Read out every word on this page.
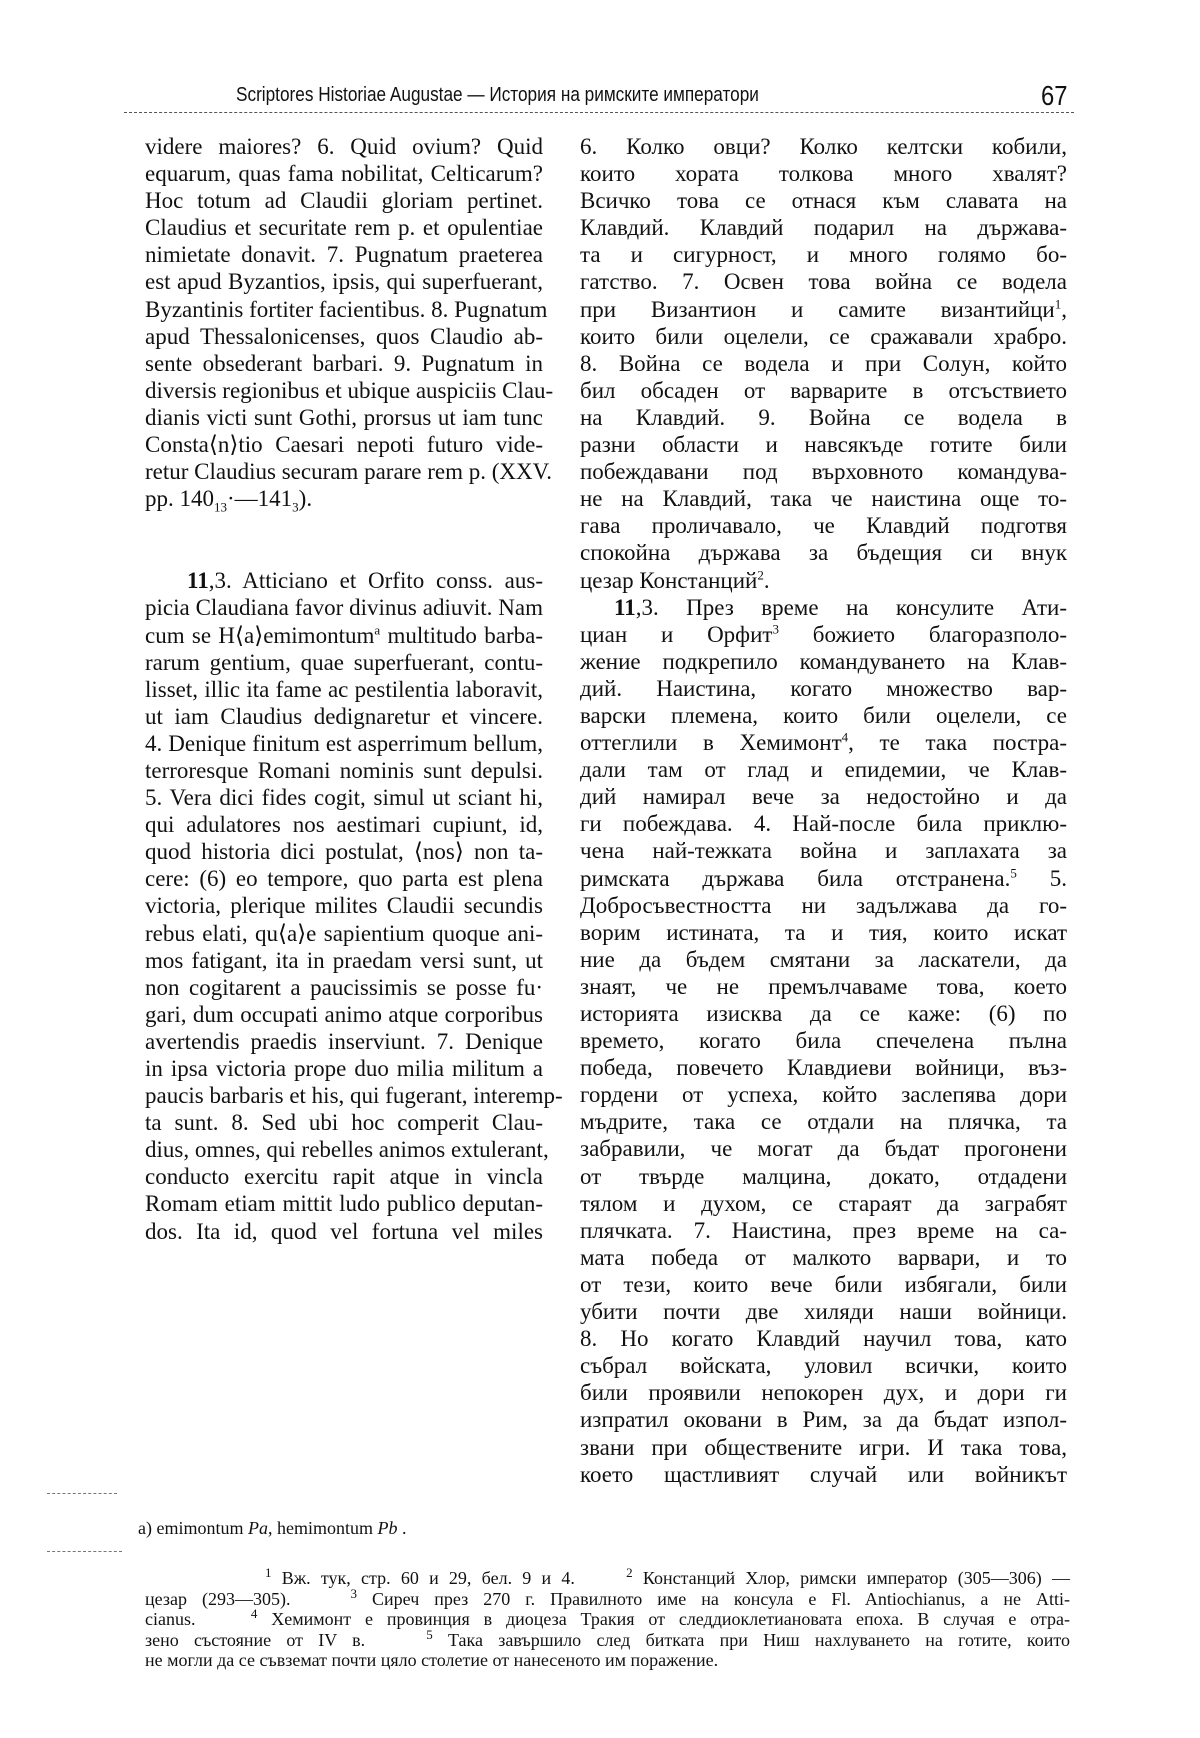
Scriptores Historiae Augustae — История на римските императори	67
videre maiores? 6. Quid ovium? Quid
equarum, quas fama nobilitat, Celticarum?
Hoc totum ad Claudii gloriam pertinet.
Claudius et securitate rem p. et opulentiae
nimietate donavit. 7. Pugnatum praeterea
est apud Byzantios, ipsis, qui superfuerant,
Byzantinis fortiter facientibus. 8. Pugnatum
apud Thessalonicenses, quos Claudio ab-
sente obsederant barbari. 9. Pugnatum in
diversis regionibus et ubique auspiciis Clau-
dianis victi sunt Gothi, prorsus ut iam tunc
Consta⟨n⟩tio Caesari nepoti futuro vide-
retur Claudius securam parare rem p. (XXV.
pp. $140_{13}\cdot—141_3$).
11,3. Atticiano et Orfito conss. aus-
picia Claudiana favor divinus adiuvit. Nam
cum se H⟨a⟩emimontum$^a$ multitudo barba-
rarum gentium, quae superfuerant, contu-
lisset, illic ita fame ac pestilentia laboravit,
ut iam Claudius dedignaretur et vincere.
4. Denique finitum est asperrimum bellum,
terroresque Romani nominis sunt depulsi.
5. Vera dici fides cogit, simul ut sciant hi,
qui adulatores nos aestimari cupiunt, id,
quod historia dici postulat, ⟨nos⟩ non ta-
cere: (6) eo tempore, quo parta est plena
victoria, plerique milites Claudii secundis
rebus elati, qu⟨a⟩e sapientium quoque ani-
mos fatigant, ita in praedam versi sunt, ut
non cogitarent a paucissimis se posse fu·
gari, dum occupati animo atque corporibus
avertendis praedis inserviunt. 7. Denique
in ipsa victoria prope duo milia militum a
paucis barbaris et his, qui fugerant, interemp-
ta sunt. 8. Sed ubi hoc comperit Clau-
dius, omnes, qui rebelles animos extulerant,
conducto exercitu rapit atque in vincla
Romam etiam mittit ludo publico deputan-
dos. Ita id, quod vel fortuna vel miles
6. Колко овци? Колко келтски кобили,
които хората толкова много хвалят?
Всичко това се отнася към славата на
Клавдий. Клавдий подарил на държава-
та и сигурност, и много голямо бо-
гатство. 7. Освен това война се водела
при Византион и самите византийци$^1$,
които били оцелели, се сражавали храбро.
8. Война се водела и при Солун, който
бил обсаден от варварите в отсъствието
на Клавдий. 9. Война се водела в
разни области и навсякъде готите били
побеждавани под върховното командува-
не на Клавдий, така че наистина още то-
гава проличавало, че Клавдий подготвя
спокойна държава за бъдещия си внук
цезар Констанций$^2$.
11,3. През време на консулите Ати-
циан и Орфит$^3$ божието благоразполо-
жение подкрепило командуването на Клав-
дий. Наистина, когато множество вар-
варски племена, които били оцелели, се
оттеглили в Хемимонт$^4$, те така постра-
дали там от глад и епидемии, че Клав-
дий намирал вече за недостойно и да
ги побеждава. 4. Най-после била приклю-
чена най-тежката война и заплахата за
римската държава била отстранена.$^5$ 5.
Добросъвестността ни задължава да го-
ворим истината, та и тия, които искат
ние да бъдем смятани за ласкатели, да
знаят, че не премълчаваме това, което
историята изисква да се каже: (6) по
времето, когато била спечелена пълна
победа, повечето Клавдиеви войници, въз-
гордени от успеха, който заслепява дори
мъдрите, така се отдали на плячка, та
забравили, че могат да бъдат прогонени
от твърде малцина, докато, отдадени
тялом и духом, се стараят да заграбят
плячката. 7. Наистина, през време на са-
мата победа от малкото варвари, и то
от тези, които вече били избягали, били
убити почти две хиляди наши войници.
8. Но когато Клавдий научил това, като
събрал войската, уловил всички, които
били проявили непокорен дух, и дори ги
изпратил оковани в Рим, за да бъдат изпол-
звани при обществените игри. И така това,
което щастливият случай или войникът
a) emimontum Pa, hemimontum Pb .
$^1$ Вж. тук, стр. 60 и 29, бел. 9 и 4.	$^2$ Констанций Хлор, римски император (305—306) —
цезар (293—305).	$^3$ Сиреч през 270 г. Правилното име на консула е Fl. Antiochianus, а не Atti-
cianus.	$^4$ Хемимонт е провинция в диоцеза Тракия от следдиоклетиановата епоха. В случая е отра-
зено състояние от IV в.	$^5$ Така завършило след битката при Ниш нахлуването на готите, които
не могли да се съвземат почти цяло столетие от нанесеното им поражение.
